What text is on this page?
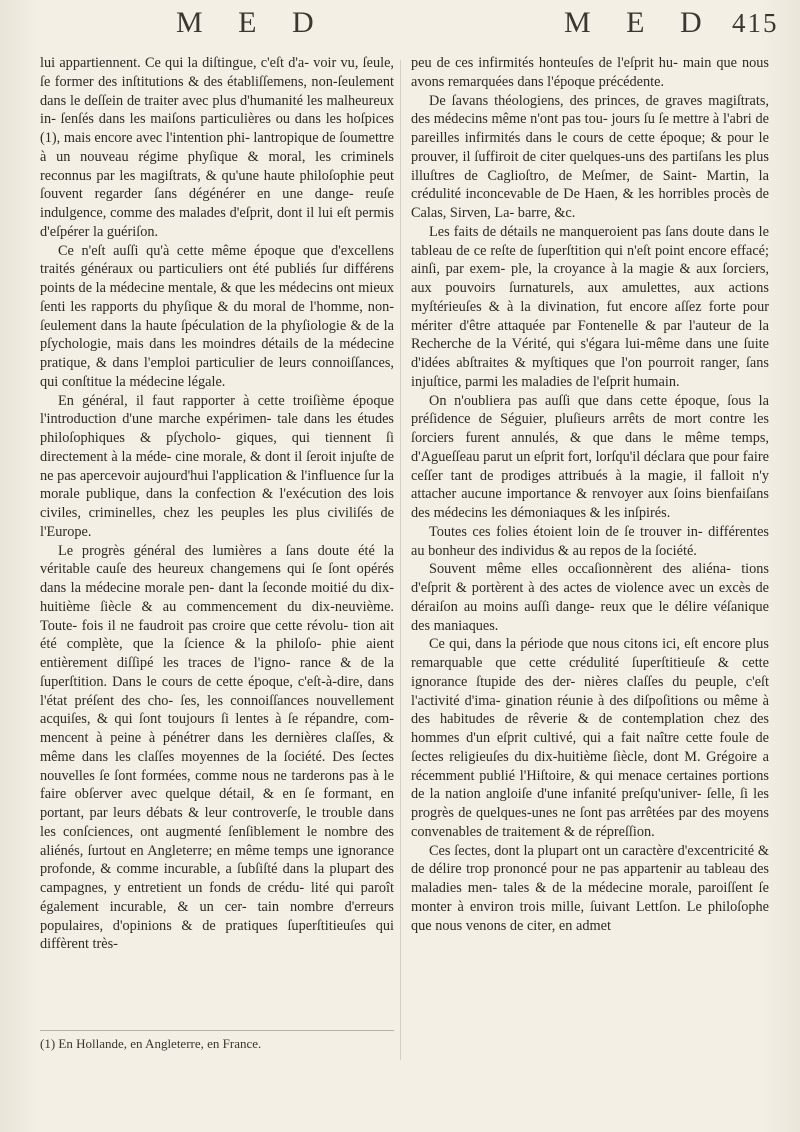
M E D	M E D 415

lui appartiennent. Ce qui la diſtingue, c'eſt d'a- voir vu, ſeule, ſe former des inſtitutions & des établiſſemens, non-ſeulement dans le deſſein de traiter avec plus d'humanité les malheureux in- ſenſés dans les maiſons particulières ou dans les hoſpices (1), mais encore avec l'intention phi- lantropique de ſoumettre à un nouveau régime phyſique & moral, les criminels reconnus par les magiſtrats, & qu'une haute philoſophie peut ſouvent regarder ſans dégénérer en une dange- reuſe indulgence, comme des malades d'eſprit, dont il lui eſt permis d'eſpérer la guériſon.

Ce n'eſt auſſi qu'à cette même époque que d'excellens traités généraux ou particuliers ont été publiés ſur différens points de la médecine mentale, & que les médecins ont mieux ſenti les rapports du phyſique & du moral de l'homme, non-ſeulement dans la haute ſpéculation de la phyſiologie & de la pſychologie, mais dans les moindres détails de la médecine pratique, & dans l'emploi particulier de leurs connoiſſances, qui conſtitue la médecine légale.

En général, il faut rapporter à cette troiſième époque l'introduction d'une marche expérimen- tale dans les études philoſophiques & pſycholo- giques, qui tiennent ſi directement à la méde- cine morale, & dont il ſeroit injuſte de ne pas apercevoir aujourd'hui l'application & l'influence ſur la morale publique, dans la confection & l'exécution des lois civiles, criminelles, chez les peuples les plus civiliſés de l'Europe.

Le progrès général des lumières a ſans doute été la véritable cauſe des heureux changemens qui ſe ſont opérés dans la médecine morale pen- dant la ſeconde moitié du dix-huitième ſiècle & au commencement du dix-neuvième. Toute- fois il ne faudroit pas croire que cette révolu- tion ait été complète, que la ſcience & la philoſo- phie aient entièrement diſſipé les traces de l'igno- rance & de la ſuperſtition. Dans le cours de cette époque, c'eſt-à-dire, dans l'état préſent des cho- ſes, les connoiſſances nouvellement acquiſes, & qui ſont toujours ſi lentes à ſe répandre, com- mencent à peine à pénétrer dans les dernières claſſes, & même dans les claſſes moyennes de la ſociété. Des ſectes nouvelles ſe ſont formées, comme nous ne tarderons pas à le faire obſerver avec quelque détail, & en ſe formant, en portant, par leurs débats & leur controverſe, le trouble dans les conſciences, ont augmenté ſenſiblement le nombre des aliénés, ſurtout en Angleterre; en même temps une ignorance profonde, & comme incurable, a ſubſiſté dans la plupart des campagnes, y entretient un fonds de crédu- lité qui paroît également incurable, & un cer- tain nombre d'erreurs populaires, d'opinions & de pratiques ſuperſtitieuſes qui diffèrent très-

peu de ces infirmités honteuſes de l'eſprit hu- main que nous avons remarquées dans l'époque précédente.

De ſavans théologiens, des princes, de graves magiſtrats, des médecins même n'ont pas tou- jours ſu ſe mettre à l'abri de pareilles infirmités dans le cours de cette époque; & pour le prouver, il ſuffiroit de citer quelques-uns des partiſans les plus illuſtres de Caglioſtro, de Meſmer, de Saint- Martin, la crédulité inconcevable de De Haen, & les horribles procès de Calas, Sirven, La- barre, &c.

Les faits de détails ne manqueroient pas ſans doute dans le tableau de ce reſte de ſuperſtition qui n'eſt point encore effacé; ainſi, par exem- ple, la croyance à la magie & aux ſorciers, aux pouvoirs ſurnaturels, aux amulettes, aux actions myſtérieuſes & à la divination, fut encore aſſez forte pour mériter d'être attaquée par Fontenelle & par l'auteur de la Recherche de la Vérité, qui s'égara lui-même dans une ſuite d'idées abſtraites & myſtiques que l'on pourroit ranger, ſans injuſtice, parmi les maladies de l'eſprit humain.

On n'oubliera pas auſſi que dans cette époque, ſous la préſidence de Séguier, pluſieurs arrêts de mort contre les ſorciers furent annulés, & que dans le même temps, d'Agueſſeau parut un eſprit fort, lorſqu'il déclara que pour faire ceſſer tant de prodiges attribués à la magie, il falloit n'y attacher aucune importance & renvoyer aux ſoins bienfaiſans des médecins les démoniaques & les inſpirés.

Toutes ces folies étoient loin de ſe trouver in- différentes au bonheur des individus & au repos de la ſociété.

Souvent même elles occaſionnèrent des aliéna- tions d'eſprit & portèrent à des actes de violence avec un excès de déraiſon au moins auſſi dange- reux que le délire véſanique des maniaques.

Ce qui, dans la période que nous citons ici, eſt encore plus remarquable que cette crédulité ſuperſtitieuſe & cette ignorance ſtupide des der- nières claſſes du peuple, c'eſt l'activité d'ima- gination réunie à des diſpoſitions ou même à des habitudes de rêverie & de contemplation chez des hommes d'un eſprit cultivé, qui a fait naître cette foule de ſectes religieuſes du dix-huitième ſiècle, dont M. Grégoire a récemment publié l'Hiſtoire, & qui menace certaines portions de la nation angloiſe d'une infanité preſqu'univer- ſelle, ſi les progrès de quelques-unes ne ſont pas arrêtées par des moyens convenables de traitement & de répreſſion.

Ces ſectes, dont la plupart ont un caractère d'excentricité & de délire trop prononcé pour ne pas appartenir au tableau des maladies men- tales & de la médecine morale, paroiſſent ſe monter à environ trois mille, ſuivant Lettſon. Le philoſophe que nous venons de citer, en admet

(1) En Hollande, en Angleterre, en France.
